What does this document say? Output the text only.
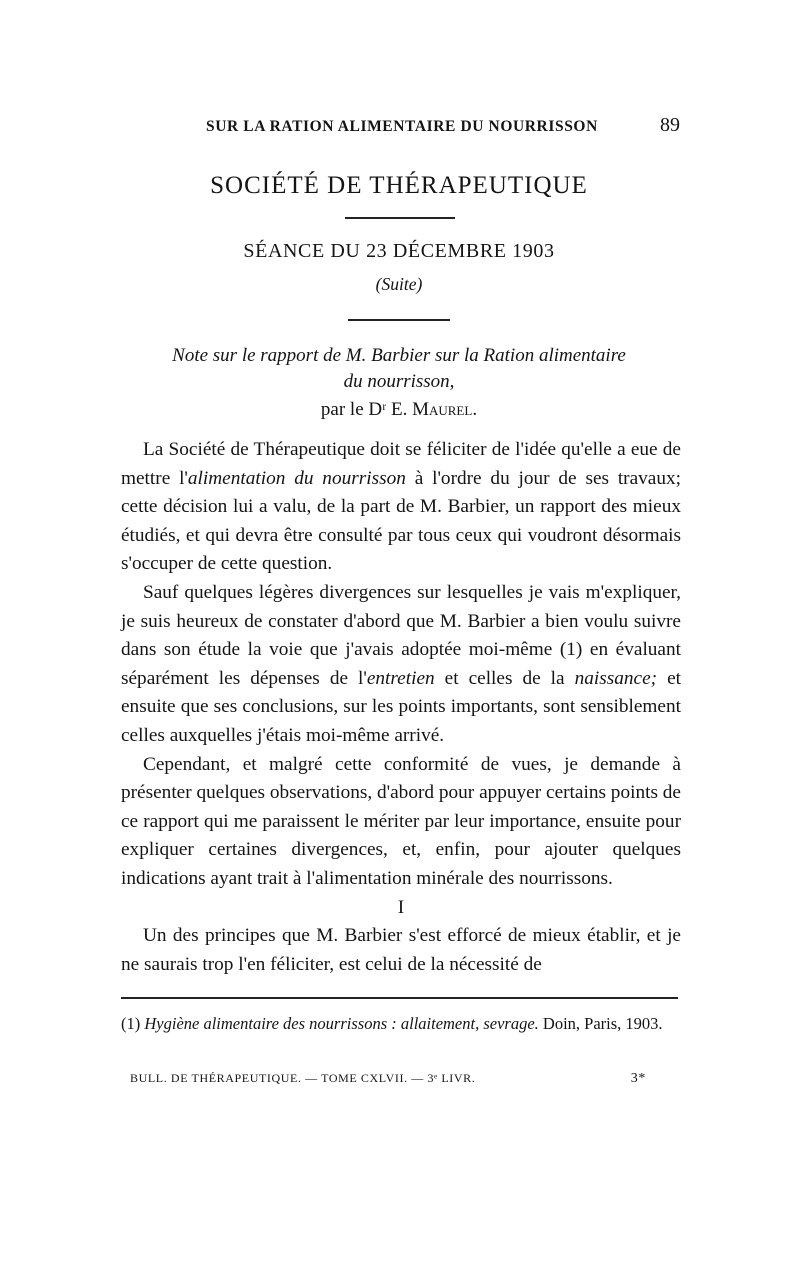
SUR LA RATION ALIMENTAIRE DU NOURRISSON	89
SOCIÉTÉ DE THÉRAPEUTIQUE
SÉANCE DU 23 DÉCEMBRE 1903
(Suite)
Note sur le rapport de M. Barbier sur la Ration alimentaire
du nourrisson,
par le Dʳ E. Maurel.

La Société de Thérapeutique doit se féliciter de l'idée qu'elle a eue de mettre l'alimentation du nourrisson à l'ordre du jour de ses travaux; cette décision lui a valu, de la part de M. Barbier, un rapport des mieux étudiés, et qui devra être consulté par tous ceux qui voudront désormais s'occuper de cette question.

Sauf quelques légères divergences sur lesquelles je vais m'expliquer, je suis heureux de constater d'abord que M. Barbier a bien voulu suivre dans son étude la voie que j'avais adoptée moi-même (1) en évaluant séparément les dépenses de l'entretien et celles de la naissance; et ensuite que ses conclusions, sur les points importants, sont sensiblement celles auxquelles j'étais moi-même arrivé.

Cependant, et malgré cette conformité de vues, je demande à présenter quelques observations, d'abord pour appuyer certains points de ce rapport qui me paraissent le mériter par leur importance, ensuite pour expliquer certaines divergences, et, enfin, pour ajouter quelques indications ayant trait à l'alimentation minérale des nourrissons.

I

Un des principes que M. Barbier s'est efforcé de mieux établir, et je ne saurais trop l'en féliciter, est celui de la nécessité de

(1) Hygiène alimentaire des nourrissons : allaitement, sevrage. Doin, Paris, 1903.
BULL. DE THÉRAPEUTIQUE. — TOME CXLVII. — 3ᵉ LIVR.	3*
